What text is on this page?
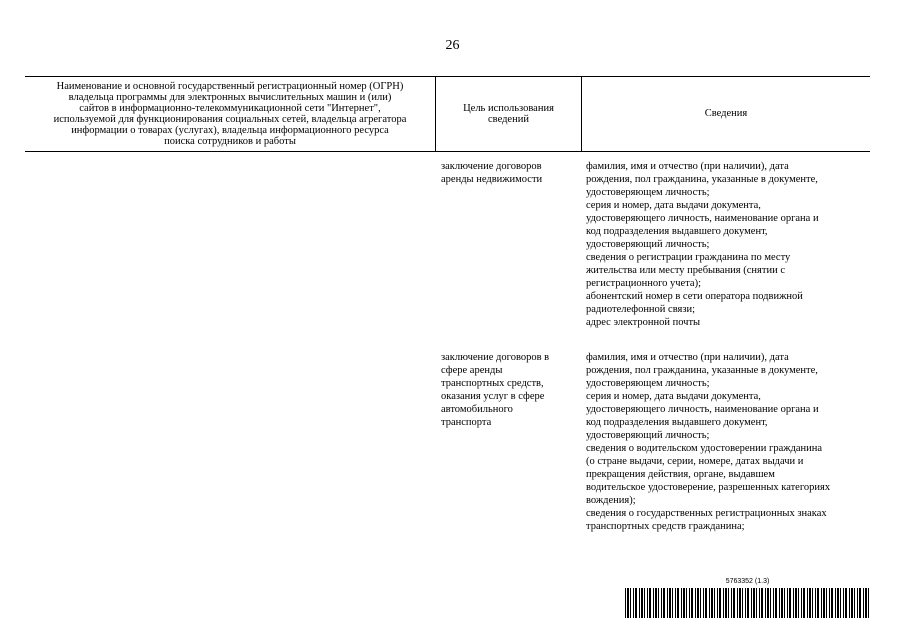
26
Наименование и основной государственный регистрационный номер (ОГРН)
владельца программы для электронных вычислительных машин и (или)
сайтов в информационно-телекоммуникационной сети "Интернет",
используемой для функционирования социальных сетей, владельца агрегатора
информации о товарах (услугах), владельца информационного ресурса
поиска сотрудников и работы
Цель использования
сведений	Сведения
заключение договоров
аренды недвижимости
фамилия, имя и отчество (при наличии), дата
рождения, пол гражданина, указанные в документе,
удостоверяющем личность;
серия и номер, дата выдачи документа,
удостоверяющего личность, наименование органа и
код подразделения выдавшего документ,
удостоверяющий личность;
сведения о регистрации гражданина по месту
жительства или месту пребывания (снятии с
регистрационного учета);
абонентский номер в сети оператора подвижной
радиотелефонной связи;
адрес электронной почты
заключение договоров в
сфере аренды
транспортных средств,
оказания услуг в сфере
автомобильного
транспорта
фамилия, имя и отчество (при наличии), дата
рождения, пол гражданина, указанные в документе,
удостоверяющем личность;
серия и номер, дата выдачи документа,
удостоверяющего личность, наименование органа и
код подразделения выдавшего документ,
удостоверяющий личность;
сведения о водительском удостоверении гражданина
(о стране выдачи, серии, номере, датах выдачи и
прекращения действия, органе, выдавшем
водительское удостоверение, разрешенных категориях
вождения);
сведения о государственных регистрационных знаках
транспортных средств гражданина;
5763352 (1.3)
